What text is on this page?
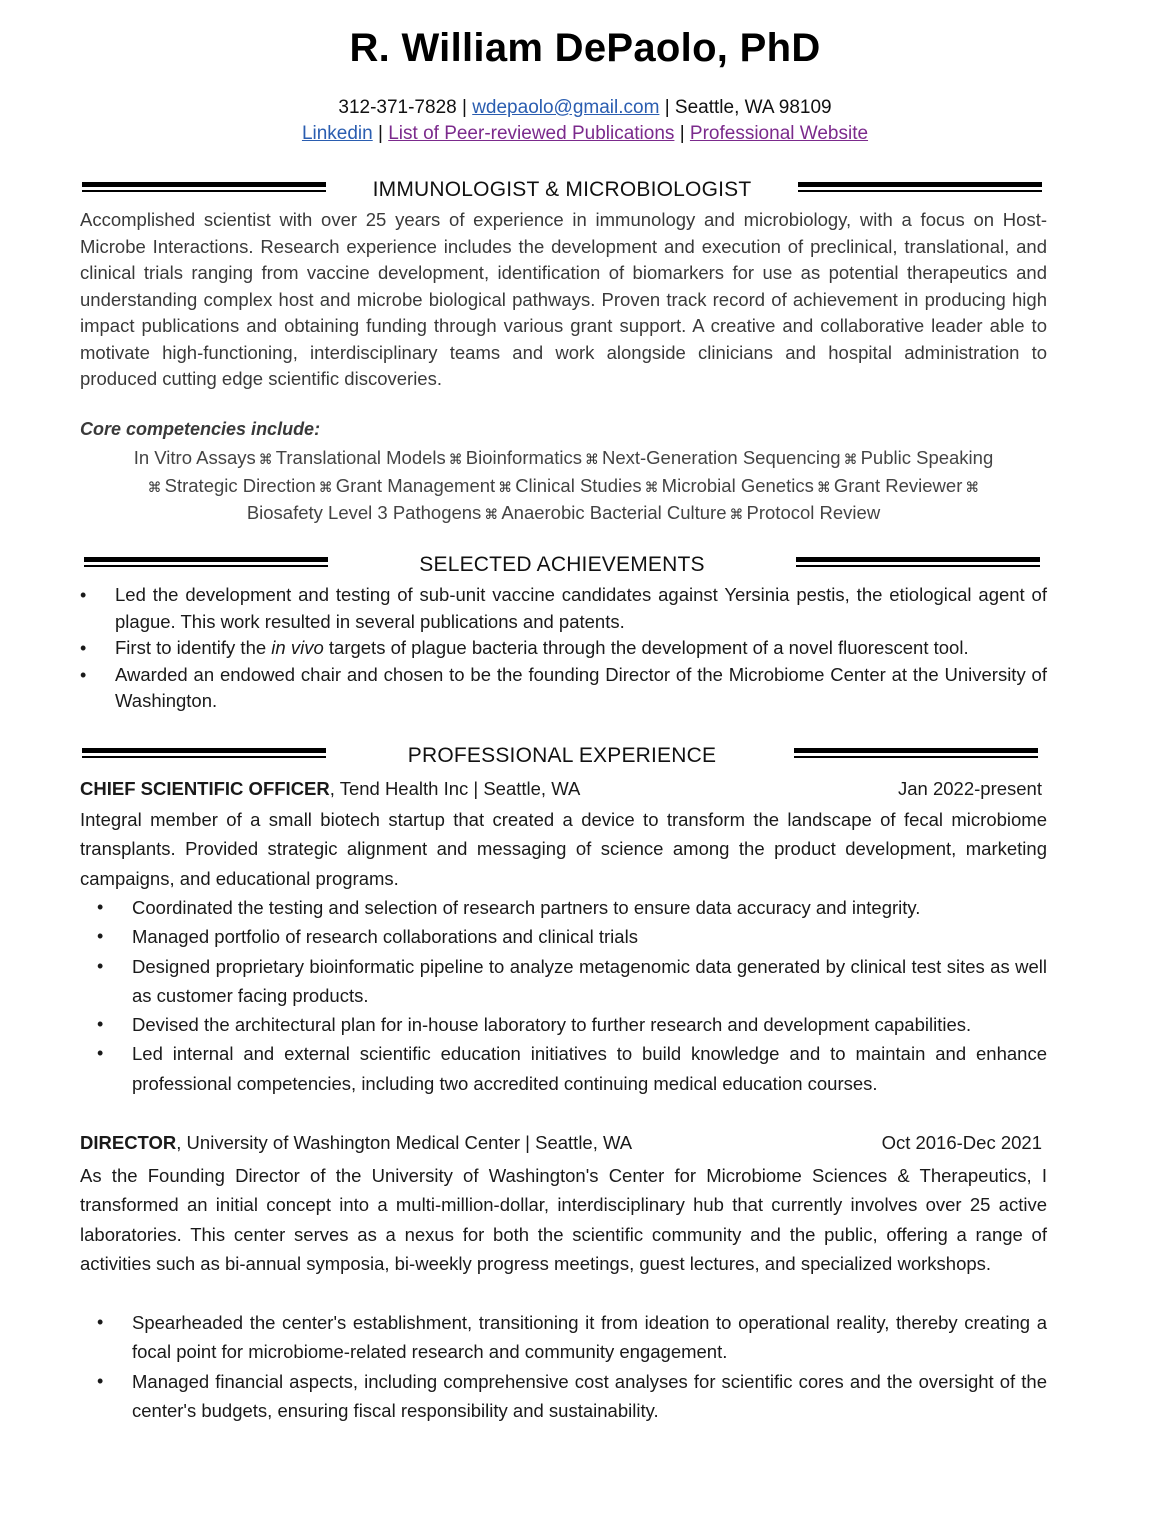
R. William DePaolo, PhD
312-371-7828 | wdepaolo@gmail.com | Seattle, WA 98109
Linkedin | List of Peer-reviewed Publications | Professional Website
IMMUNOLOGIST & MICROBIOLOGIST
Accomplished scientist with over 25 years of experience in immunology and microbiology, with a focus on Host-Microbe Interactions. Research experience includes the development and execution of preclinical, translational, and clinical trials ranging from vaccine development, identification of biomarkers for use as potential therapeutics and understanding complex host and microbe biological pathways. Proven track record of achievement in producing high impact publications and obtaining funding through various grant support. A creative and collaborative leader able to motivate high-functioning, interdisciplinary teams and work alongside clinicians and hospital administration to produced cutting edge scientific discoveries.
Core competencies include:
In Vitro Assays ⌘ Translational Models ⌘ Bioinformatics ⌘ Next-Generation Sequencing ⌘ Public Speaking
⌘ Strategic Direction ⌘ Grant Management ⌘ Clinical Studies ⌘ Microbial Genetics ⌘ Grant Reviewer ⌘
Biosafety Level 3 Pathogens ⌘ Anaerobic Bacterial Culture ⌘ Protocol Review
SELECTED ACHIEVEMENTS
• Led the development and testing of sub-unit vaccine candidates against Yersinia pestis, the etiological agent of plague. This work resulted in several publications and patents.
• First to identify the in vivo targets of plague bacteria through the development of a novel fluorescent tool.
• Awarded an endowed chair and chosen to be the founding Director of the Microbiome Center at the University of Washington.
PROFESSIONAL EXPERIENCE
CHIEF SCIENTIFIC OFFICER, Tend Health Inc | Seattle, WA	Jan 2022-present
Integral member of a small biotech startup that created a device to transform the landscape of fecal microbiome transplants. Provided strategic alignment and messaging of science among the product development, marketing campaigns, and educational programs.
• Coordinated the testing and selection of research partners to ensure data accuracy and integrity.
• Managed portfolio of research collaborations and clinical trials
• Designed proprietary bioinformatic pipeline to analyze metagenomic data generated by clinical test sites as well as customer facing products.
• Devised the architectural plan for in-house laboratory to further research and development capabilities.
• Led internal and external scientific education initiatives to build knowledge and to maintain and enhance professional competencies, including two accredited continuing medical education courses.
DIRECTOR, University of Washington Medical Center | Seattle, WA	Oct 2016-Dec 2021
As the Founding Director of the University of Washington's Center for Microbiome Sciences & Therapeutics, I transformed an initial concept into a multi-million-dollar, interdisciplinary hub that currently involves over 25 active laboratories. This center serves as a nexus for both the scientific community and the public, offering a range of activities such as bi-annual symposia, bi-weekly progress meetings, guest lectures, and specialized workshops.
• Spearheaded the center's establishment, transitioning it from ideation to operational reality, thereby creating a focal point for microbiome-related research and community engagement.
• Managed financial aspects, including comprehensive cost analyses for scientific cores and the oversight of the center's budgets, ensuring fiscal responsibility and sustainability.
